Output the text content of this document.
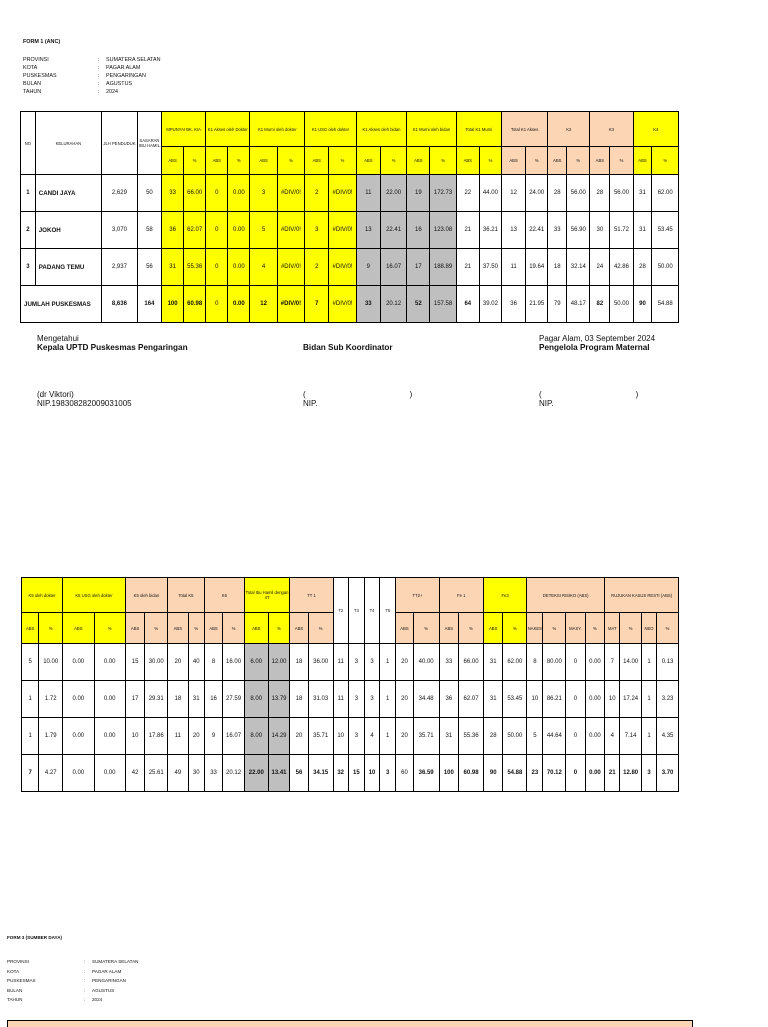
FORM 1 (ANC)
PROVINSI	:	SUMATERA SELATAN
KOTA	:	PAGAR ALAM
PUSKESMAS	:	PENGARINGAN
BULAN	:	AGUSTUS
TAHUN	:	2024
NO	KELURAHAN	JLH PENDUDUK	SASARAN IBU HAMIL	MPUNYAI BK. KIA		K1 Akses oleh Dokter		K1 Murni oleh dokter		K1 USG oleh dokter		K1 Akses oleh bidan		K1 Murni oleh bidan		Total K1 Murni		Total K1 Akses		K2		K3		K4	
				ABS	%	ABS	%	ABS	%	ABS	%	ABS	%	ABS	%	ABS	%	ABS	%	ABS	%	ABS	%	ABS	%
1	CANDI JAYA	2,629	50	33	66.00	0	0.00	3	#DIV/0!	2	#DIV/0!	11	22.00	19	172.73	22	44.00	12	24.00	28	56.00	28	56.00	31	62.00
2	JOKOH	3,070	58	36	62.07	0	0.00	5	#DIV/0!	3	#DIV/0!	13	22.41	16	123.08	21	36.21	13	22.41	33	56.90	30	51.72	31	53.45
3	PADANG TEMU	2,937	56	31	55.36	0	0.00	4	#DIV/0!	2	#DIV/0!	9	16.07	17	188.89	21	37.50	11	19.64	18	32.14	24	42.86	28	50.00
JUMLAH PUSKESMAS		8,636	164	100	60.98	0	0.00	12	#DIV/0!	7	#DIV/0!	33	20.12	52	157.58	64	39.02	36	21.95	79	48.17	82	50.00	90	54.88
Mengetahui
Kepala UPTD Puskesmas Pengaringan	Bidan Sub Koordinator
Pagar Alam, 03 September 2024
Pengelola Program Maternal
(dr Viktori)
NIP.198308282009031005
(	)
NIP.
(	)
NIP.
K5 oleh dokter		K5 USG oleh dokter		K5 oleh bidan		Total K5		K6		Total Ibu Hamil dengan 4T		TT 1		T2	T3	T4	T5	TT2+		Fe 1		Fe3		DETEKSI RISIKO (ABS)				RUJUKAN KASUS RESTI (ABS)			
ABS	%	ABS	%	ABS	%	ABS	%	ABS	%	ABS	%	ABS	%					ABS	%	ABS	%	ABS	%	NAKES	%	MASY.	%	MAT	%	NEO	%
5	10.00	0.00	0.00	15	30.00	20	40	8	16.00	6.00	12.00	18	36.00	11	3	3	1	20	40.00	33	66.00	31	62.00	8	80.00	0	0.00	7	14.00	1	0.13
1	1.72	0.00	0.00	17	29.31	18	31	16	27.59	8.00	13.79	18	31.03	11	3	3	1	20	34.48	36	62.07	31	53.45	10	86.21	0	0.00	10	17.24	1	3.23
1	1.79	0.00	0.00	10	17.86	11	20	9	16.07	8.00	14.29	20	35.71	10	3	4	1	20	35.71	31	55.36	28	50.00	5	44.64	0	0.00	4	7.14	1	4.35
7	4.27	0.00	0.00	42	25.61	49	30	33	20.12	22.00	13.41	56	34.15	32	15	10	3	60	36.59	100	60.98	90	54.88	23	70.12	0	0.00	21	12.80	3	3.70
FORM 3 (SUMBER DAYA)
PROVINSI	:	SUMATERA SELATAN
KOTA	:	PAGAR ALAM
PUSKESMAS	:	PENGARINGAN
BULAN	:	AGUSTUS
TAHUN	:	2024
